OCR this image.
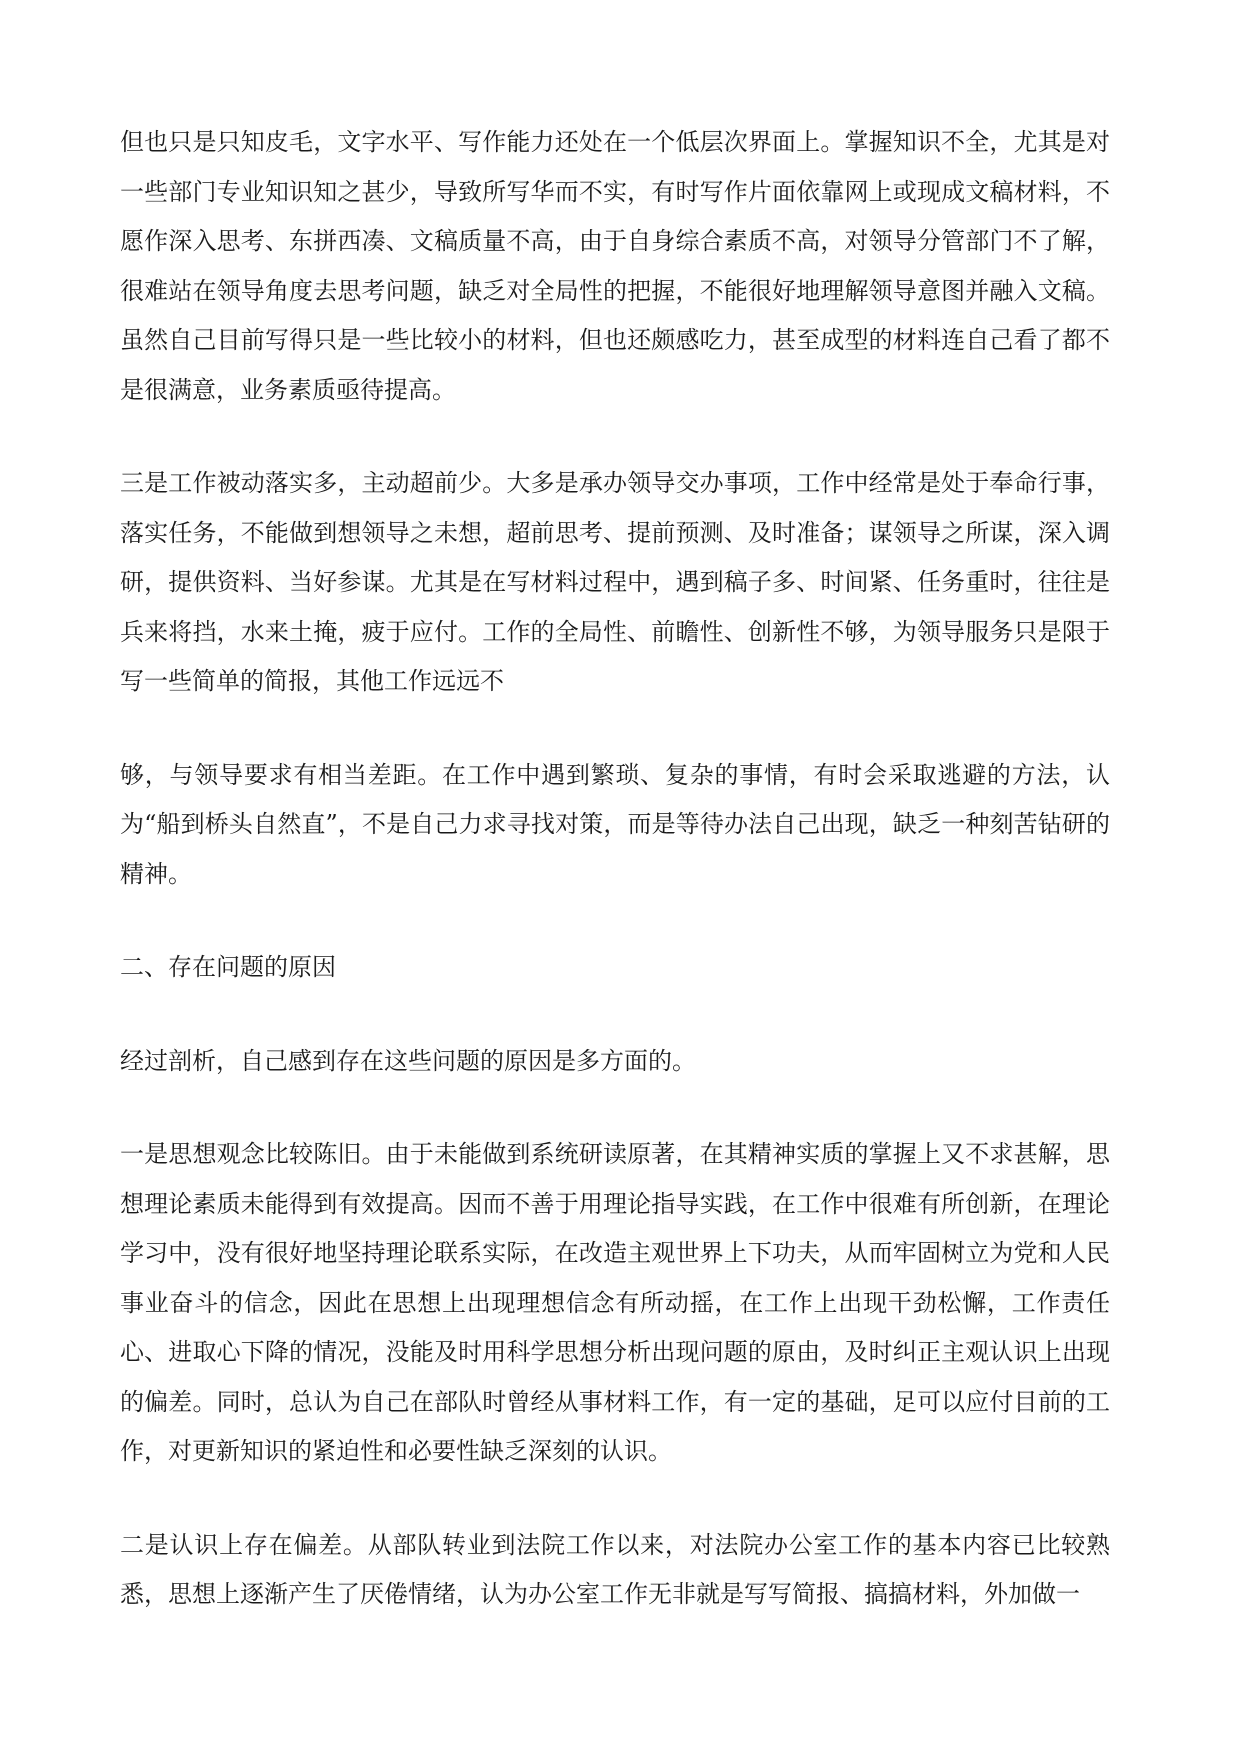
但也只是只知皮毛，文字水平、写作能力还处在一个低层次界面上。掌握知识不全，尤其是对一些部门专业知识知之甚少，导致所写华而不实，有时写作片面依靠网上或现成文稿材料，不愿作深入思考、东拼西凑、文稿质量不高，由于自身综合素质不高，对领导分管部门不了解，很难站在领导角度去思考问题，缺乏对全局性的把握，不能很好地理解领导意图并融入文稿。虽然自己目前写得只是一些比较小的材料，但也还颇感吃力，甚至成型的材料连自己看了都不是很满意，业务素质亟待提高。

三是工作被动落实多，主动超前少。大多是承办领导交办事项，工作中经常是处于奉命行事，落实任务，不能做到想领导之未想，超前思考、提前预测、及时准备；谋领导之所谋，深入调研，提供资料、当好参谋。尤其是在写材料过程中，遇到稿子多、时间紧、任务重时，往往是兵来将挡，水来土掩，疲于应付。工作的全局性、前瞻性、创新性不够，为领导服务只是限于写一些简单的简报，其他工作远远不

够，与领导要求有相当差距。在工作中遇到繁琐、复杂的事情，有时会采取逃避的方法，认为“船到桥头自然直”，不是自己力求寻找对策，而是等待办法自己出现，缺乏一种刻苦钻研的精神。

二、存在问题的原因

经过剖析，自己感到存在这些问题的原因是多方面的。

一是思想观念比较陈旧。由于未能做到系统研读原著，在其精神实质的掌握上又不求甚解，思想理论素质未能得到有效提高。因而不善于用理论指导实践，在工作中很难有所创新，在理论学习中，没有很好地坚持理论联系实际，在改造主观世界上下功夫，从而牢固树立为党和人民事业奋斗的信念，因此在思想上出现理想信念有所动摇，在工作上出现干劲松懈，工作责任心、进取心下降的情况，没能及时用科学思想分析出现问题的原由，及时纠正主观认识上出现的偏差。同时，总认为自己在部队时曾经从事材料工作，有一定的基础，足可以应付目前的工作，对更新知识的紧迫性和必要性缺乏深刻的认识。

二是认识上存在偏差。从部队转业到法院工作以来，对法院办公室工作的基本内容已比较熟悉，思想上逐渐产生了厌倦情绪，认为办公室工作无非就是写写简报、搞搞材料，外加做一
